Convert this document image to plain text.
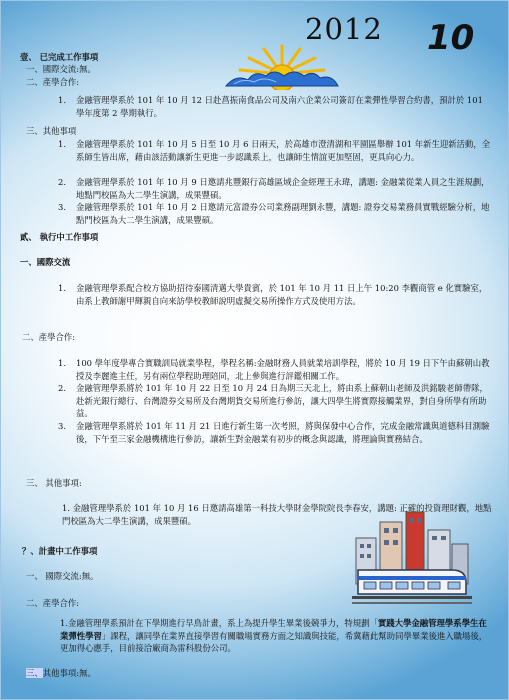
2012 10

壹、 已完成工作事項

一、國際交流:無。

二、產學合作:

1. 金融管理學系於 101 年 10 月 12 日赴菖振南食品公司及南六企業公司簽訂在業彈性學習合約書，預計於 101 學年度第 2 學期執行。

三、其他事項

1. 金融管理學系於 101 年 10 月 5 日至 10 月 6 日兩天，於高雄市澄清湖和平園區舉辦 101 年新生迎新活動，全系師生皆出席，藉由該活動讓新生更進一步認識系上，也讓師生情誼更加堅固，更具向心力。

2. 金融管理學系於 101 年 10 月 9 日邀請兆豐銀行高雄區域企金經理王永瑋，講題: 金融業從業人員之生涯規劃，地點門校區為大二學生演講，成果豐碩。

3. 金融管理學系於 101 年 10 月 2 日邀請元富證券公司業務副理劉永豐，講題: 證券交易業務員實戰經驗分析，地點門校區為大二學生演講，成果豐碩。

貳、 執行中工作事項

一、國際交流

1. 金融管理學系配合校方協助招待泰國清邁大學貴賓，於 101 年 10 月 11 日上午 10:20 李觀商管 e 化實驗室，由系上教師謝甲輝親自向來訪學校教師說明虛擬交易所操作方式及使用方法。

二、產學合作:

1. 100 學年度學專合實職訓局就業學程，學程名稱:金融財務人員就業培訓學程，將於 10 月 19 日下午由蘇朝山教授及李麗進主任，另有兩位學程助理陪同，北上參與進行評鑑相關工作。

2. 金融管理學系將於 101 年 10 月 22 日至 10 月 24 日為期三天北上，將由系上蘇朝山老師及洪銘駿老師帶隊，赴新光銀行總行、台灣證券交易所及台灣期貨交易所進行參訪，讓大四學生將實際接觸業界，對自身所學有所助益。

3. 金融管理學系將於 101 年 11 月 21 日進行新生第一次考照，將與保發中心合作，完成金融常識與道德科目測驗後，下午至三家金融機構進行參訪，讓新生對金融業有初步的概念與認識，將理論與實務結合。

三、 其他事項:

1. 金融管理學系於 101 年 10 月 16 日邀請高雄第一科技大學財金學院院長李春安，講題: 正確的投資理財觀，地點門校區為大二學生演講，成果豐碩。

？、計畫中工作事項

一、 國際交流:無。

二、產學合作:

1.金融管理學系預計在下學期進行早鳥計畫，系上為提升學生畢業後競爭力，特規劃「實踐大學金融管理學系學生在業彈性學習」課程，讓同學在業界直接學習有關職場實務方面之知識與技能，希冀藉此幫助同學畢業後進入職場後，更加得心應手，目前接洽廠商為雷科股份公司。

三、其他事項:無。
